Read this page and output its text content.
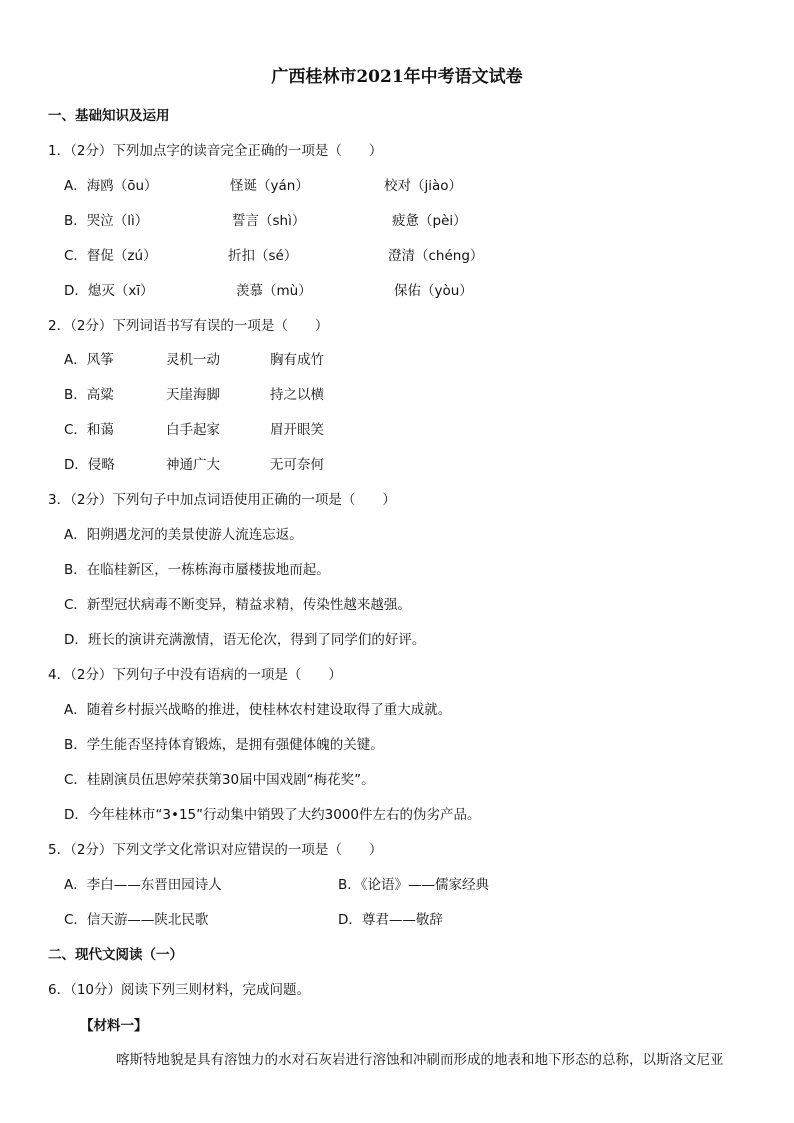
广西桂林市2021年中考语文试卷
一、基础知识及运用
1．（2分）下列加点字的读音完全正确的一项是（　　）
A．海鸥（ōu）	怪诞（yán）	校对（jiào）
B．哭泣（lì）	誓言（shì）	疲惫（pèi）
C．督促（zú）	折扣（sé）	澄清（chéng）
D．熄灭（xī）	羡慕（mù）	保佑（yòu）
2．（2分）下列词语书写有误的一项是（　　）
A．风筝	灵机一动	胸有成竹
B．高粱	天崖海脚	持之以横
C．和蔼	白手起家	眉开眼笑
D．侵略	神通广大	无可奈何
3．（2分）下列句子中加点词语使用正确的一项是（　　）
A．阳朔遇龙河的美景使游人流连忘返。
B．在临桂新区，一栋栋海市蜃楼拔地而起。
C．新型冠状病毒不断变异，精益求精，传染性越来越强。
D．班长的演讲充满激情，语无伦次，得到了同学们的好评。
4．（2分）下列句子中没有语病的一项是（　　）
A．随着乡村振兴战略的推进，使桂林农村建设取得了重大成就。
B．学生能否坚持体育锻炼，是拥有强健体魄的关键。
C．桂剧演员伍思婷荣获第30届中国戏剧“梅花奖”。
D．今年桂林市“3•15”行动集中销毁了大约3000件左右的伪劣产品。
5．（2分）下列文学文化常识对应错误的一项是（　　）
A．李白——东晋田园诗人	B．《论语》——儒家经典
C．信天游——陕北民歌	D．尊君——敬辞
二、现代文阅读（一）
6．（10分）阅读下列三则材料，完成问题。
【材料一】
喀斯特地貌是具有溶蚀力的水对石灰岩进行溶蚀和冲刷而形成的地表和地下形态的总称，以斯洛文尼亚
